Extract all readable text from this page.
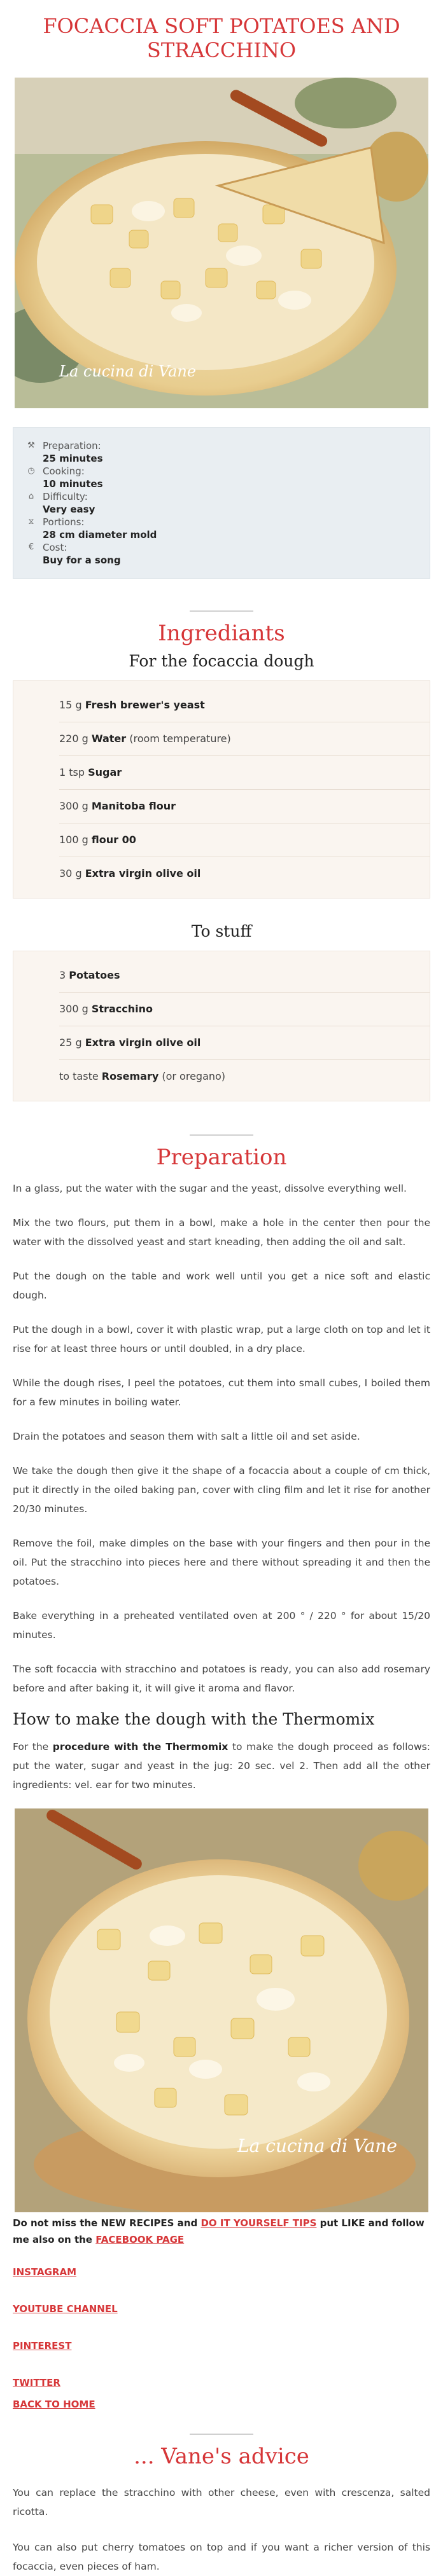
FOCACCIA SOFT POTATOES AND STRACCHINO
La cucina di Vane
⚒ Preparation:
25 minutes
◷ Cooking:
10 minutes
⌂ Difficulty:
Very easy
⧖ Portions:
28 cm diameter mold
€ Cost:
Buy for a song
Ingrediants
For the focaccia dough
15 g Fresh brewer's yeast
220 g Water (room temperature)
1 tsp Sugar
300 g Manitoba flour
100 g flour 00
30 g Extra virgin olive oil
To stuff
3 Potatoes
300 g Stracchino
25 g Extra virgin olive oil
to taste Rosemary (or oregano)
Preparation

In a glass, put the water with the sugar and the yeast, dissolve everything well.

Mix the two flours, put them in a bowl, make a hole in the center then pour the water with the dissolved yeast and start kneading, then adding the oil and salt.

Put the dough on the table and work well until you get a nice soft and elastic dough.

Put the dough in a bowl, cover it with plastic wrap, put a large cloth on top and let it rise for at least three hours or until doubled, in a dry place.

While the dough rises, I peel the potatoes, cut them into small cubes, I boiled them for a few minutes in boiling water.

Drain the potatoes and season them with salt a little oil and set aside.

We take the dough then give it the shape of a focaccia about a couple of cm thick, put it directly in the oiled baking pan, cover with cling film and let it rise for another 20/30 minutes.

Remove the foil, make dimples on the base with your fingers and then pour in the oil. Put the stracchino into pieces here and there without spreading it and then the potatoes.

Bake everything in a preheated ventilated oven at 200 ° / 220 ° for about 15/20 minutes.

The soft focaccia with stracchino and potatoes is ready, you can also add rosemary before and after baking it, it will give it aroma and flavor.

How to make the dough with the Thermomix

For the procedure with the Thermomix to make the dough proceed as follows: put the water, sugar and yeast in the jug: 20 sec. vel 2. Then add all the other ingredients: vel. ear for two minutes.

La cucina di Vane

Do not miss the NEW RECIPES and DO IT YOURSELF TIPS put LIKE and follow me also on the FACEBOOK PAGE

INSTAGRAM
YOUTUBE CHANNEL
PINTEREST
TWITTER
BACK TO HOME
... Vane's advice

You can replace the stracchino with other cheese, even with crescenza, salted ricotta.

You can also put cherry tomatoes on top and if you want a richer version of this focaccia, even pieces of ham.
